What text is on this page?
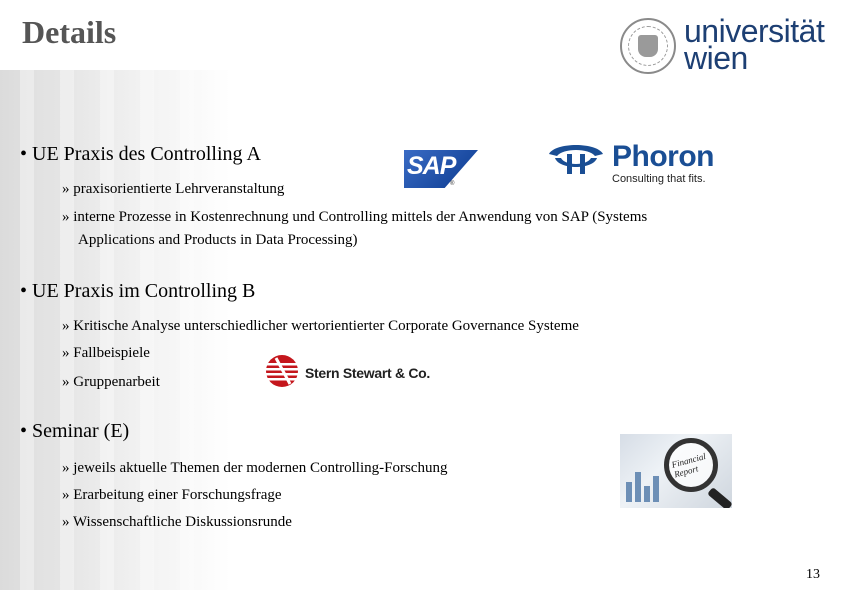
Details	universität
wien
• UE Praxis des Controlling A
» praxisorientierte Lehrveranstaltung
» interne Prozesse in Kostenrechnung und Controlling mittels der Anwendung von SAP (Systems
Applications and Products in Data Processing)
SAP
®
Phoron
Consulting that fits.
• UE Praxis im Controlling B
» Kritische Analyse unterschiedlicher wertorientierter Corporate Governance Systeme
» Fallbeispiele
» Gruppenarbeit
Stern Stewart & Co.
• Seminar (E)
» jeweils aktuelle Themen der modernen Controlling-Forschung
» Erarbeitung einer Forschungsfrage
» Wissenschaftliche Diskussionsrunde
Financial Report
13
